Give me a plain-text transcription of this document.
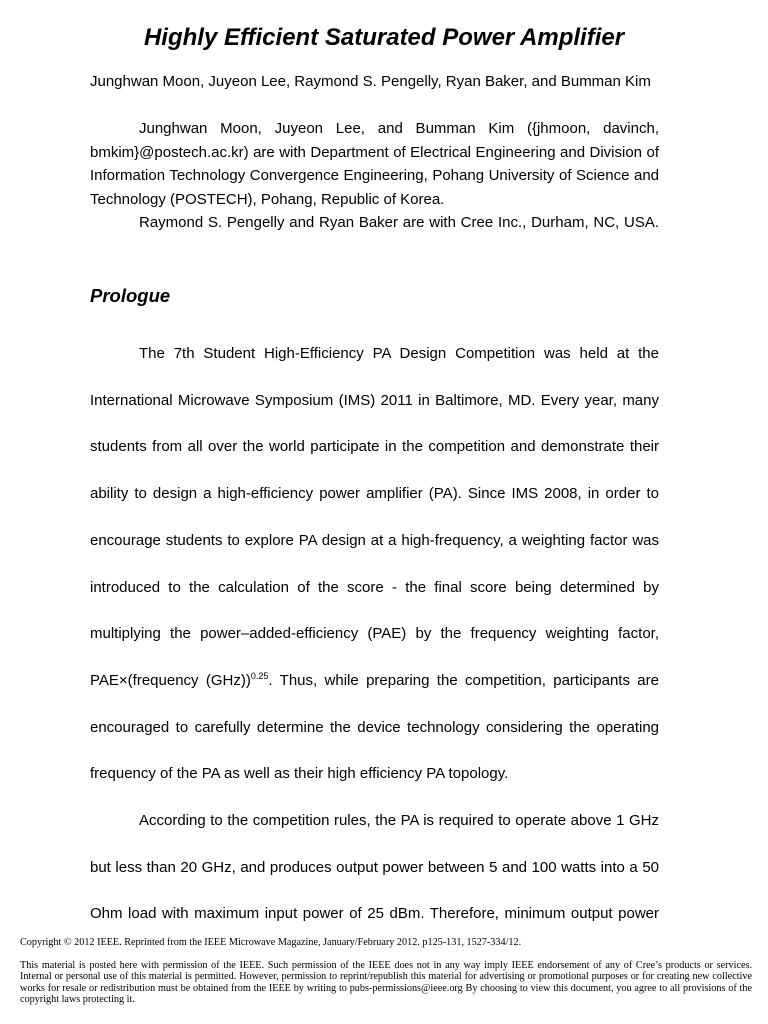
Highly Efficient Saturated Power Amplifier

Junghwan Moon, Juyeon Lee, Raymond S. Pengelly, Ryan Baker, and Bumman Kim

Junghwan Moon, Juyeon Lee, and Bumman Kim ({jhmoon, davinch, bmkim}@postech.ac.kr) are with Department of Electrical Engineering and Division of Information Technology Convergence Engineering, Pohang University of Science and Technology (POSTECH), Pohang, Republic of Korea.

Raymond S. Pengelly and Ryan Baker are with Cree Inc., Durham, NC, USA.

Prologue

The 7th Student High-Efficiency PA Design Competition was held at the International Microwave Symposium (IMS) 2011 in Baltimore, MD. Every year, many students from all over the world participate in the competition and demonstrate their ability to design a high-efficiency power amplifier (PA). Since IMS 2008, in order to encourage students to explore PA design at a high-frequency, a weighting factor was introduced to the calculation of the score - the final score being determined by multiplying the power–added-efficiency (PAE) by the frequency weighting factor, PAE×(frequency (GHz))$^{0.25}$. Thus, while preparing the competition, participants are encouraged to carefully determine the device technology considering the operating frequency of the PA as well as their high efficiency PA topology.

According to the competition rules, the PA is required to operate above 1 GHz but less than 20 GHz, and produces output power between 5 and 100 watts into a 50 Ohm load with maximum input power of 25 dBm. Therefore, minimum output power

Copyright © 2012 IEEE. Reprinted from the IEEE Microwave Magazine, January/February 2012. p125-131, 1527-334/12.

This material is posted here with permission of the IEEE. Such permission of the IEEE does not in any way imply IEEE endorsement of any of Cree’s products or services. Internal or personal use of this material is permitted. However, permission to reprint/republish this material for advertising or promotional purposes or for creating new collective works for resale or redistribution must be obtained from the IEEE by writing to pubs-permissions@ieee.org By choosing to view this document, you agree to all provisions of the copyright laws protecting it.
